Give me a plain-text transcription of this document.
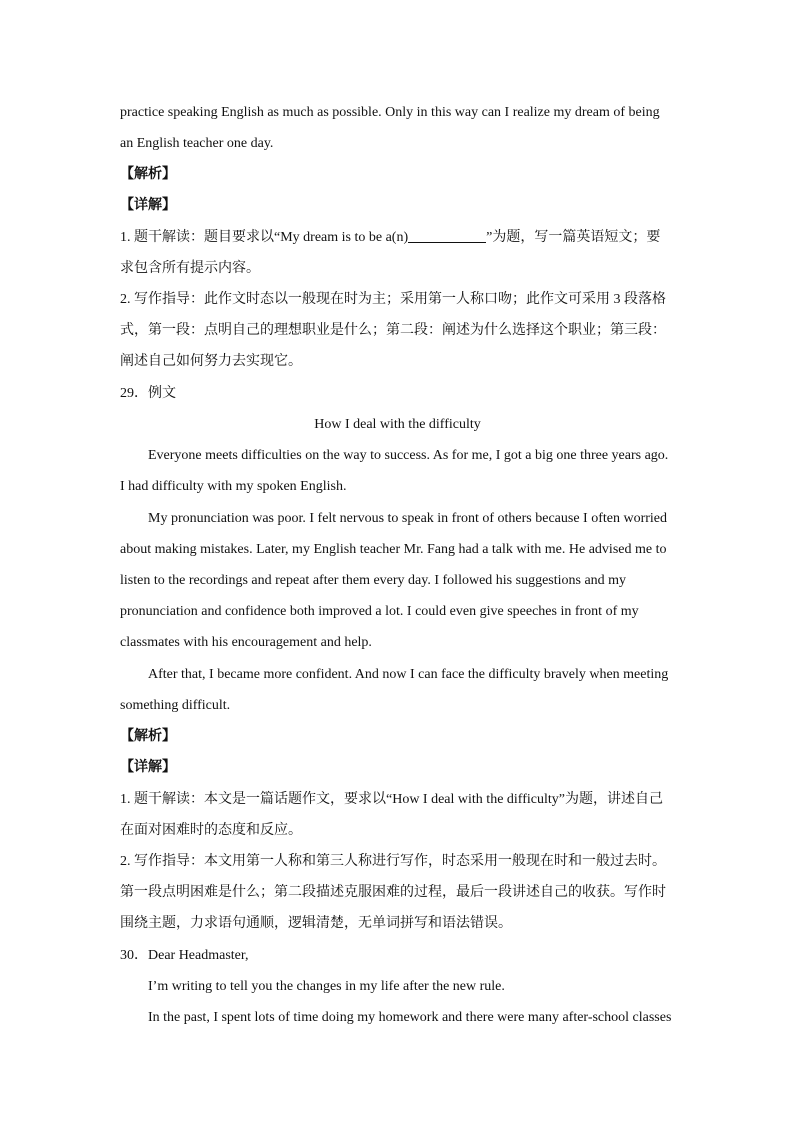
practice speaking English as much as possible. Only in this way can I realize my dream of being
an English teacher one day.
【解析】
【详解】
1. 题干解读：题目要求以“My dream is to be a(n)	”为题，写一篇英语短文；要
求包含所有提示内容。
2. 写作指导：此作文时态以一般现在时为主；采用第一人称口吻；此作文可采用 3 段落格
式，第一段：点明自己的理想职业是什么；第二段：阐述为什么选择这个职业；第三段：
阐述自己如何努力去实现它。
29．例文
How I deal with the difficulty
Everyone meets difficulties on the way to success. As for me, I got a big one three years ago.
I had difficulty with my spoken English.
My pronunciation was poor. I felt nervous to speak in front of others because I often worried
about making mistakes. Later, my English teacher Mr. Fang had a talk with me. He advised me to
listen to the recordings and repeat after them every day. I followed his suggestions and my
pronunciation and confidence both improved a lot. I could even give speeches in front of my
classmates with his encouragement and help.
After that, I became more confident. And now I can face the difficulty bravely when meeting
something difficult.
【解析】
【详解】
1. 题干解读：本文是一篇话题作文，要求以“How I deal with the difficulty”为题，讲述自己
在面对困难时的态度和反应。
2. 写作指导：本文用第一人称和第三人称进行写作，时态采用一般现在时和一般过去时。
第一段点明困难是什么；第二段描述克服困难的过程，最后一段讲述自己的收获。写作时
围绕主题，力求语句通顺，逻辑清楚，无单词拼写和语法错误。
30．Dear Headmaster,
I’m writing to tell you the changes in my life after the new rule.
In the past, I spent lots of time doing my homework and there were many after-school classes
